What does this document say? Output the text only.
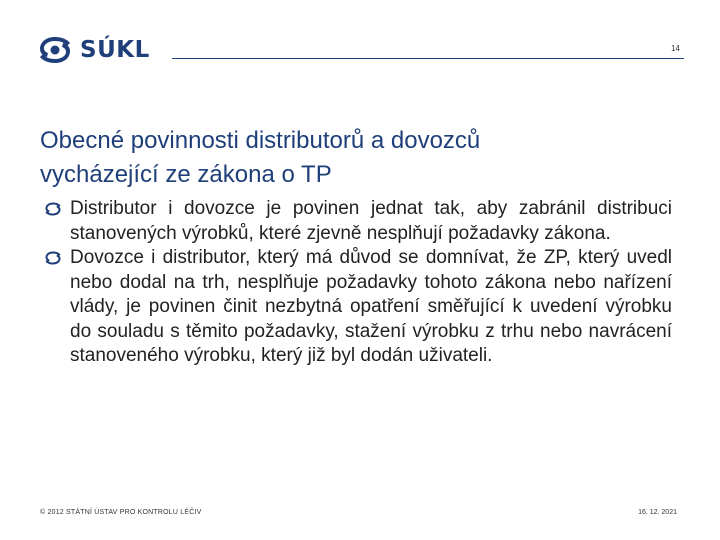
SÚKL	14
Obecné povinnosti distributorů a dovozců
vycházející ze zákona o TP
Distributor i dovozce je povinen jednat tak, aby zabránil distribuci stanovených výrobků, které zjevně nesplňují požadavky zákona.
Dovozce i distributor, který má důvod se domnívat, že ZP, který uvedl nebo dodal na trh, nesplňuje požadavky tohoto zákona nebo nařízení vlády, je povinen činit nezbytná opatření směřující k uvedení výrobku do souladu s těmito požadavky, stažení výrobku z trhu nebo navrácení stanoveného výrobku, který již byl dodán uživateli.
© 2012 STÁTNÍ ÚSTAV PRO KONTROLU LÉČIV	16. 12. 2021
